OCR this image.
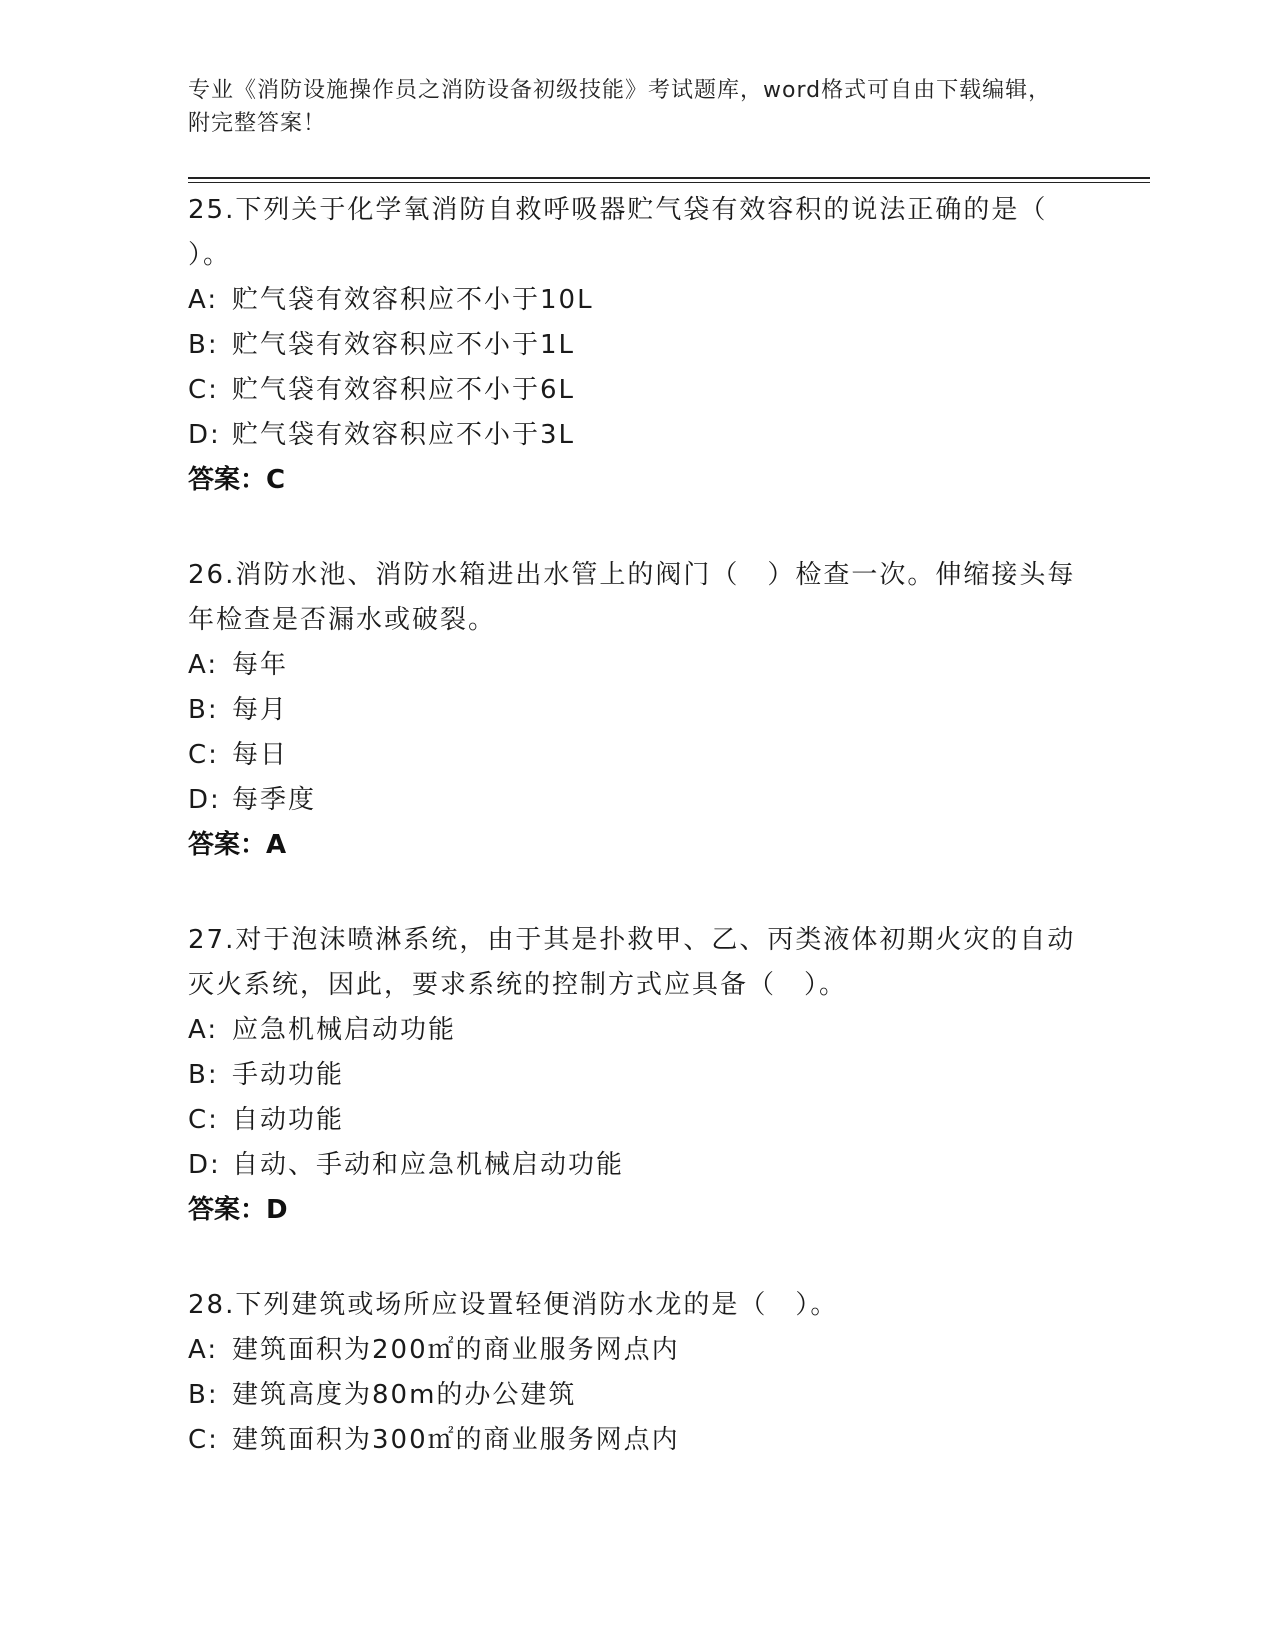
专业《消防设施操作员之消防设备初级技能》考试题库，word格式可自由下载编辑，附完整答案！

25.下列关于化学氧消防自救呼吸器贮气袋有效容积的说法正确的是（ ）。

A: 贮气袋有效容积应不小于10L

B: 贮气袋有效容积应不小于1L

C: 贮气袋有效容积应不小于6L

D: 贮气袋有效容积应不小于3L

答案：C

26.消防水池、消防水箱进出水管上的阀门（　）检查一次。伸缩接头每年检查是否漏水或破裂。

A: 每年

B: 每月

C: 每日

D: 每季度

答案：A

27.对于泡沫喷淋系统，由于其是扑救甲、乙、丙类液体初期火灾的自动灭火系统，因此，要求系统的控制方式应具备（　）。

A: 应急机械启动功能

B: 手动功能

C: 自动功能

D: 自动、手动和应急机械启动功能

答案：D

28.下列建筑或场所应设置轻便消防水龙的是（　）。

A: 建筑面积为200㎡的商业服务网点内

B: 建筑高度为80m的办公建筑

C: 建筑面积为300㎡的商业服务网点内
